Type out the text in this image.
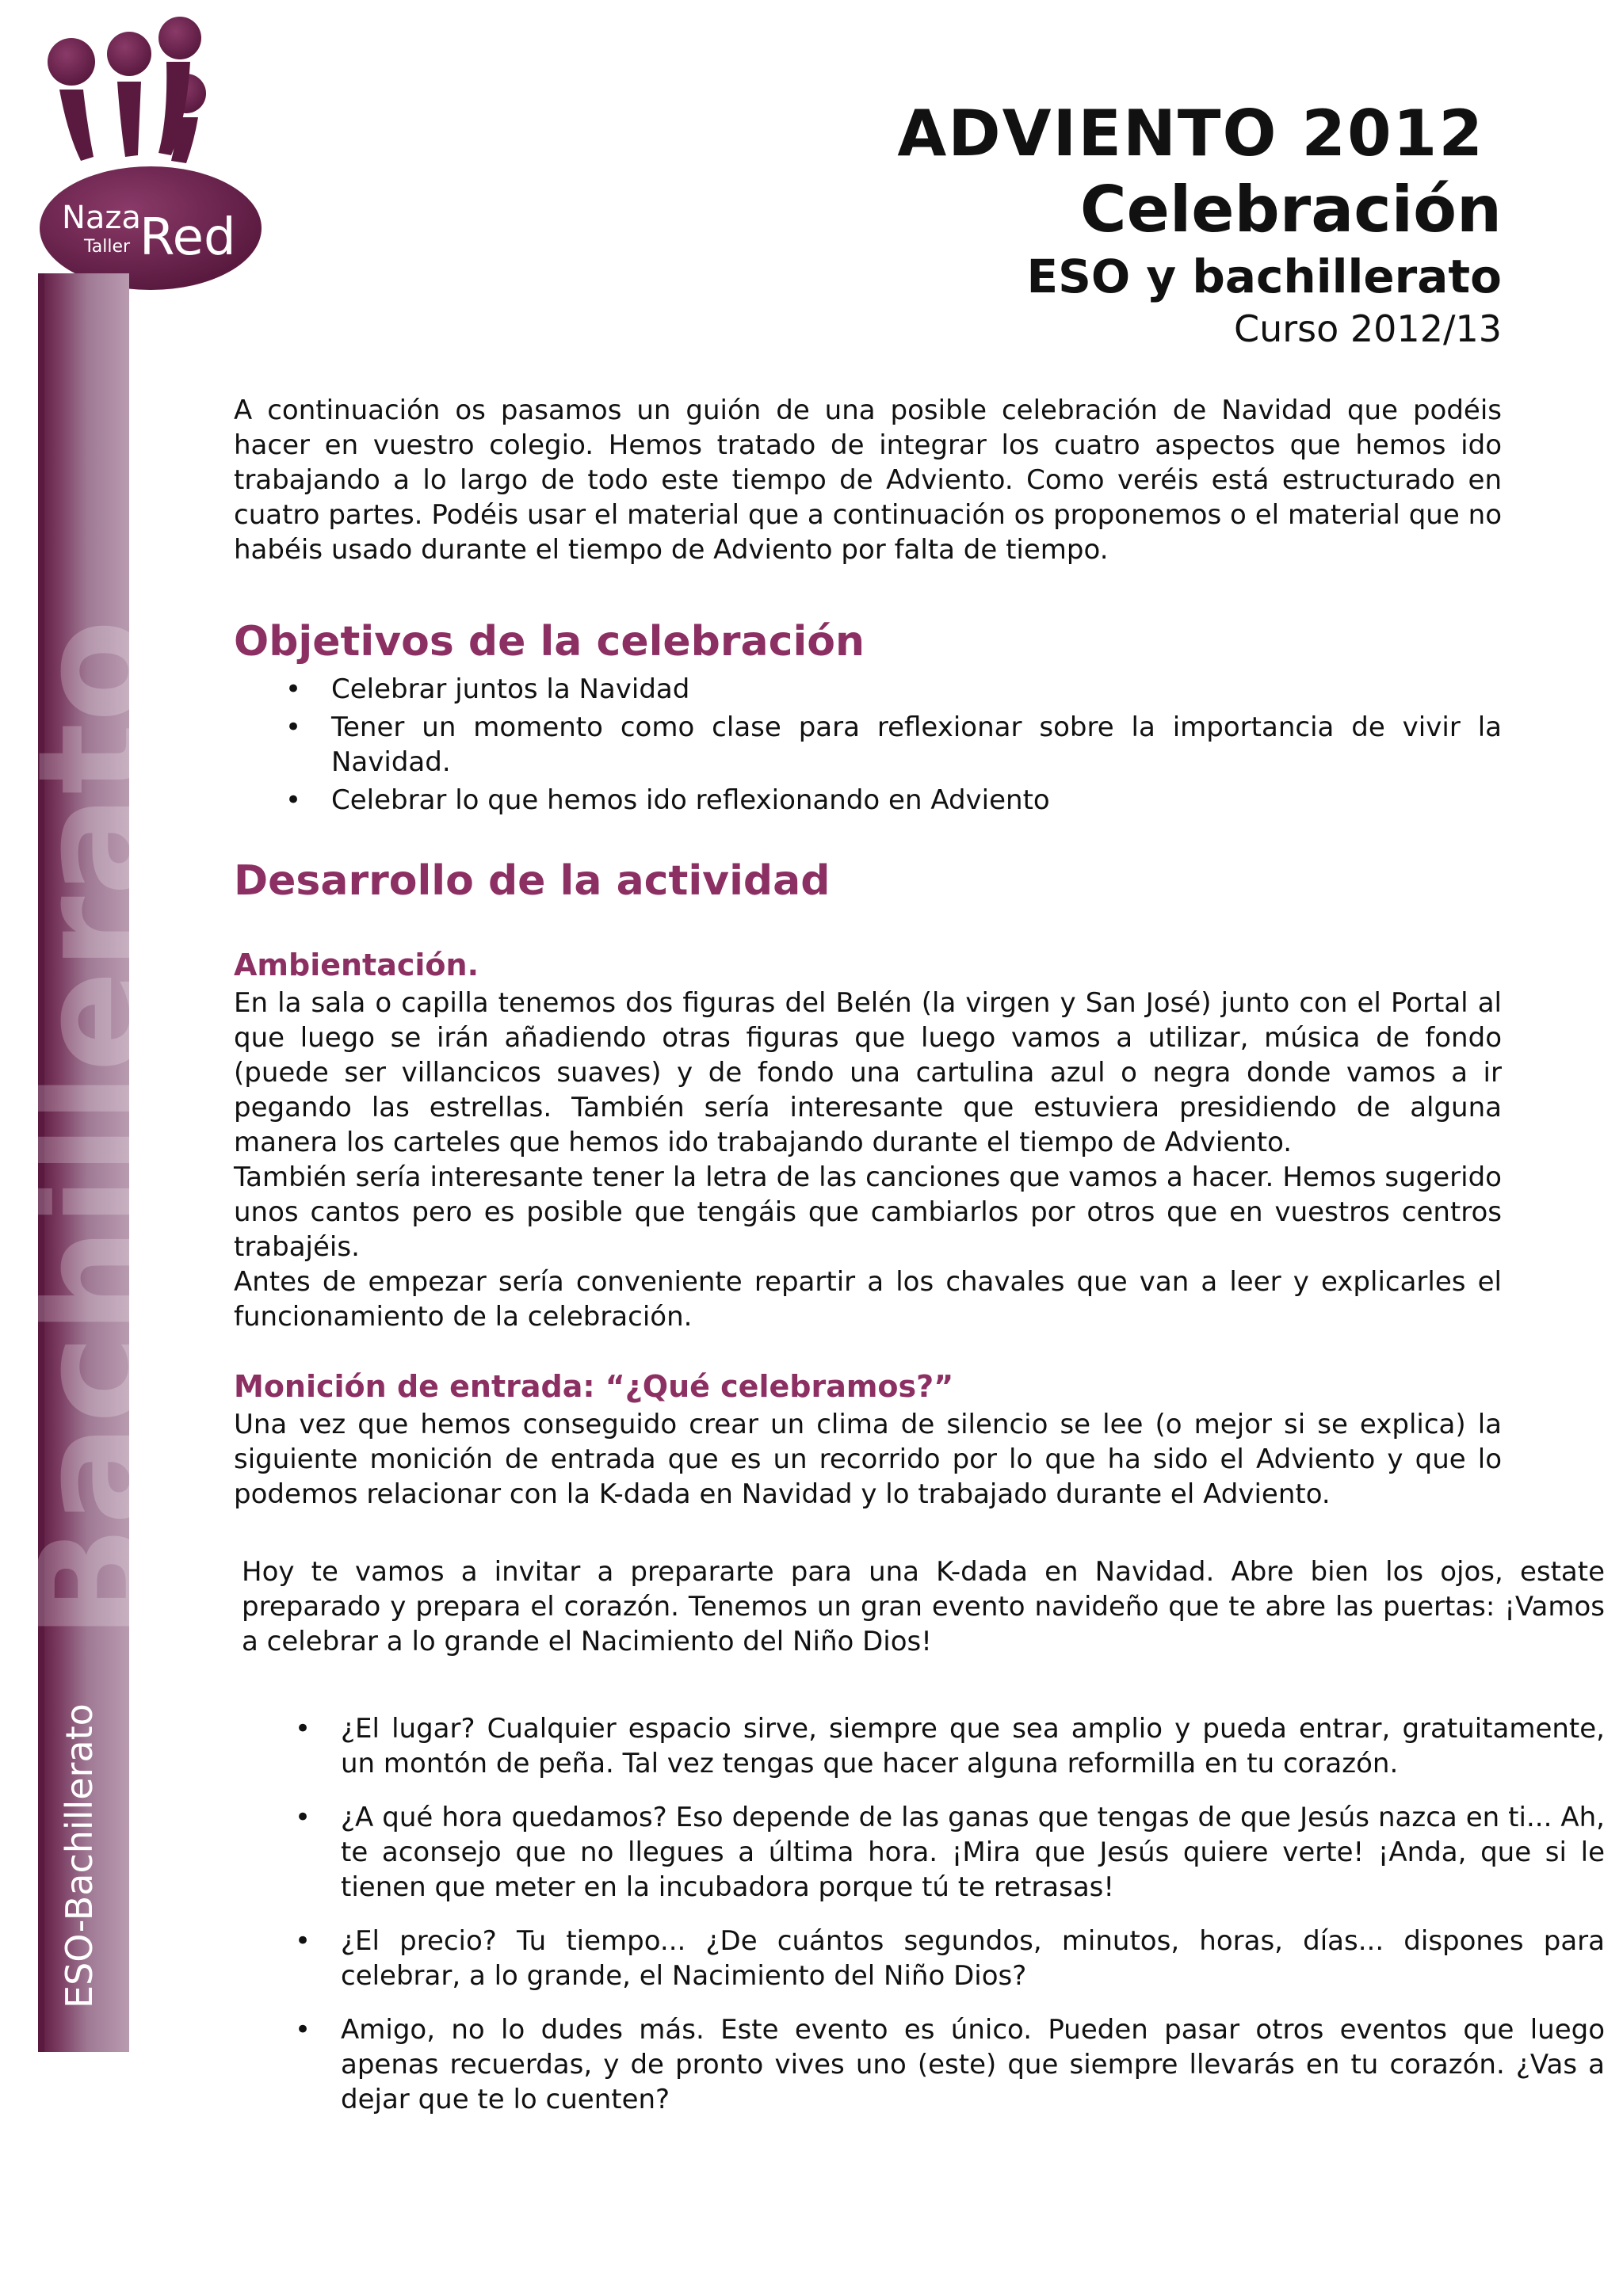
Naza
Taller Red
Bachillerato
ESO-Bachillerato
ADVIENTO 2012
Celebración
ESO y bachillerato
Curso 2012/13

A continuación os pasamos un guión de una posible celebración de Navidad que podéis hacer en vuestro colegio. Hemos tratado de integrar los cuatro aspectos que hemos ido trabajando a lo largo de todo este tiempo de Adviento. Como veréis está estructurado en cuatro partes. Podéis usar el material que a continuación os proponemos o el material que no habéis usado durante el tiempo de Adviento por falta de tiempo.

Objetivos de la celebración
• Celebrar juntos la Navidad
• Tener un momento como clase para reflexionar sobre la importancia de vivir la Navidad.
• Celebrar lo que hemos ido reflexionando en Adviento
Desarrollo de la actividad
Ambientación.

En la sala o capilla tenemos dos figuras del Belén (la virgen y San José) junto con el Portal al que luego se irán añadiendo otras figuras que luego vamos a utilizar, música de fondo (puede ser villancicos suaves) y de fondo una cartulina azul o negra donde vamos a ir pegando las estrellas. También sería interesante que estuviera presidiendo de alguna manera los carteles que hemos ido trabajando durante el tiempo de Adviento.

También sería interesante tener la letra de las canciones que vamos a hacer. Hemos sugerido unos cantos pero es posible que tengáis que cambiarlos por otros que en vuestros centros trabajéis.

Antes de empezar sería conveniente repartir a los chavales que van a leer y explicarles el funcionamiento de la celebración.

Monición de entrada: “¿Qué celebramos?”

Una vez que hemos conseguido crear un clima de silencio se lee (o mejor si se explica) la siguiente monición de entrada que es un recorrido por lo que ha sido el Adviento y que lo podemos relacionar con la K-dada en Navidad y lo trabajado durante el Adviento.

Hoy te vamos a invitar a prepararte para una K-dada en Navidad. Abre bien los ojos, estate preparado y prepara el corazón. Tenemos un gran evento navideño que te abre las puertas: ¡Vamos a celebrar a lo grande el Nacimiento del Niño Dios!

• ¿El lugar? Cualquier espacio sirve, siempre que sea amplio y pueda entrar, gratuitamente, un montón de peña. Tal vez tengas que hacer alguna reformilla en tu corazón.
• ¿A qué hora quedamos? Eso depende de las ganas que tengas de que Jesús nazca en ti... Ah, te aconsejo que no llegues a última hora. ¡Mira que Jesús quiere verte! ¡Anda, que si le tienen que meter en la incubadora porque tú te retrasas!
• ¿El precio? Tu tiempo... ¿De cuántos segundos, minutos, horas, días... dispones para celebrar, a lo grande, el Nacimiento del Niño Dios?
• Amigo, no lo dudes más. Este evento es único. Pueden pasar otros eventos que luego apenas recuerdas, y de pronto vives uno (este) que siempre llevarás en tu corazón. ¿Vas a dejar que te lo cuenten?
